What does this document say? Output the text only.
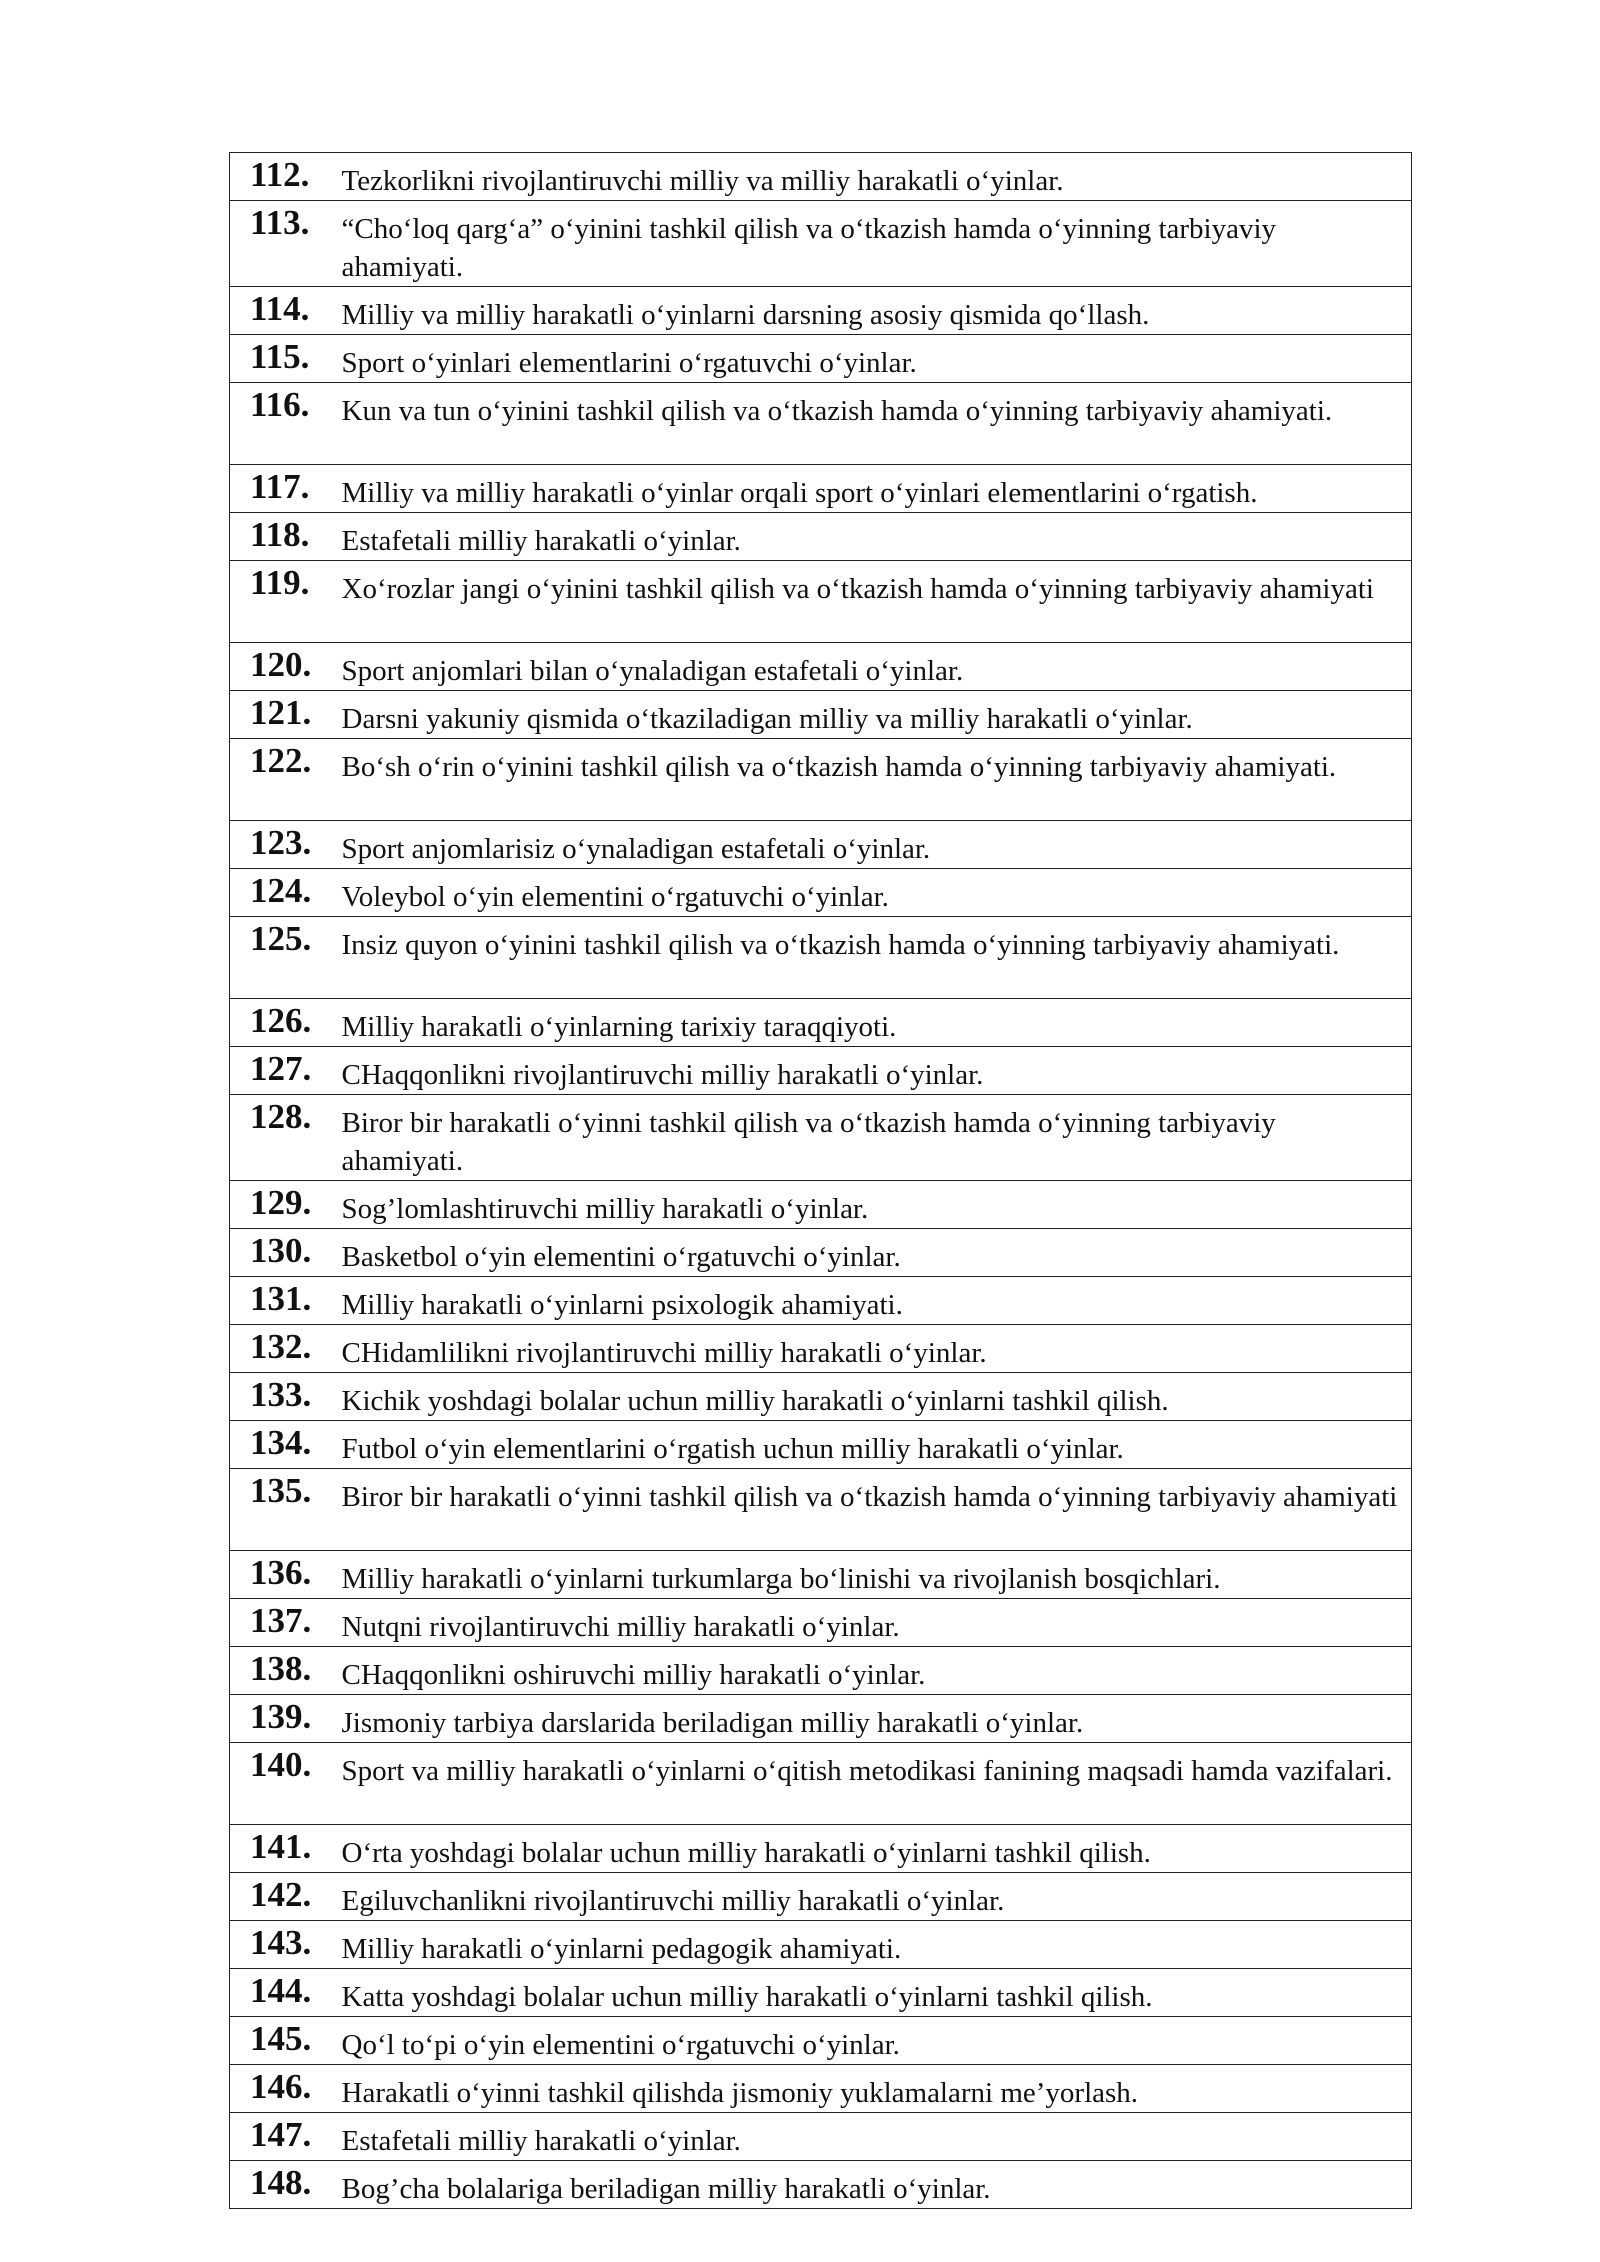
112.	Tezkorlikni rivojlantiruvchi milliy va milliy harakatli o‘yinlar.

113.	“Cho‘loq qarg‘a” o‘yinini tashkil qilish va o‘tkazish hamda o‘yinning tarbiyaviy ahamiyati.

114.	Milliy va milliy harakatli o‘yinlarni darsning asosiy qismida qo‘llash.

115.	Sport o‘yinlari elementlarini o‘rgatuvchi o‘yinlar.

116.	Kun va tun o‘yinini tashkil qilish va o‘tkazish hamda o‘yinning tarbiyaviy ahamiyati.

117.	Milliy va milliy harakatli o‘yinlar orqali sport o‘yinlari elementlarini o‘rgatish.

118.	Estafetali milliy harakatli o‘yinlar.

119.	Xo‘rozlar jangi o‘yinini tashkil qilish va o‘tkazish hamda o‘yinning tarbiyaviy ahamiyati

120.	Sport anjomlari bilan o‘ynaladigan estafetali o‘yinlar.

121.	Darsni yakuniy qismida o‘tkaziladigan milliy va milliy harakatli o‘yinlar.

122.	Bo‘sh o‘rin o‘yinini tashkil qilish va o‘tkazish hamda o‘yinning tarbiyaviy ahamiyati.

123.	Sport anjomlarisiz o‘ynaladigan estafetali o‘yinlar.

124.	Voleybol o‘yin elementini o‘rgatuvchi o‘yinlar.

125.	Insiz quyon o‘yinini tashkil qilish va o‘tkazish hamda o‘yinning tarbiyaviy ahamiyati.

126.	Milliy harakatli o‘yinlarning tarixiy taraqqiyoti.

127.	CHaqqonlikni rivojlantiruvchi milliy harakatli o‘yinlar.

128.	Biror bir harakatli o‘yinni tashkil qilish va o‘tkazish hamda o‘yinning tarbiyaviy ahamiyati.

129.	Sog’lomlashtiruvchi milliy harakatli o‘yinlar.

130.	Basketbol o‘yin elementini o‘rgatuvchi o‘yinlar.

131.	Milliy harakatli o‘yinlarni psixologik ahamiyati.

132.	CHidamlilikni rivojlantiruvchi milliy harakatli o‘yinlar.

133.	Kichik yoshdagi bolalar uchun milliy harakatli o‘yinlarni tashkil qilish.

134.	Futbol o‘yin elementlarini o‘rgatish uchun milliy harakatli o‘yinlar.

135.	Biror bir harakatli o‘yinni tashkil qilish va o‘tkazish hamda o‘yinning tarbiyaviy ahamiyati

136.	Milliy harakatli o‘yinlarni turkumlarga bo‘linishi va rivojlanish bosqichlari.

137.	Nutqni rivojlantiruvchi milliy harakatli o‘yinlar.

138.	CHaqqonlikni oshiruvchi milliy harakatli o‘yinlar.

139.	Jismoniy tarbiya darslarida beriladigan milliy harakatli o‘yinlar.

140.	Sport va milliy harakatli o‘yinlarni o‘qitish metodikasi fanining maqsadi hamda vazifalari.

141.	O‘rta yoshdagi bolalar uchun milliy harakatli o‘yinlarni tashkil qilish.

142.	Egiluvchanlikni rivojlantiruvchi milliy harakatli o‘yinlar.

143.	Milliy harakatli o‘yinlarni pedagogik ahamiyati.

144.	Katta yoshdagi bolalar uchun milliy harakatli o‘yinlarni tashkil qilish.

145.	Qo‘l to‘pi o‘yin elementini o‘rgatuvchi o‘yinlar.

146.	Harakatli o‘yinni tashkil qilishda jismoniy yuklamalarni me’yorlash.

147.	Estafetali milliy harakatli o‘yinlar.

148.	Bog’cha bolalariga beriladigan milliy harakatli o‘yinlar.
